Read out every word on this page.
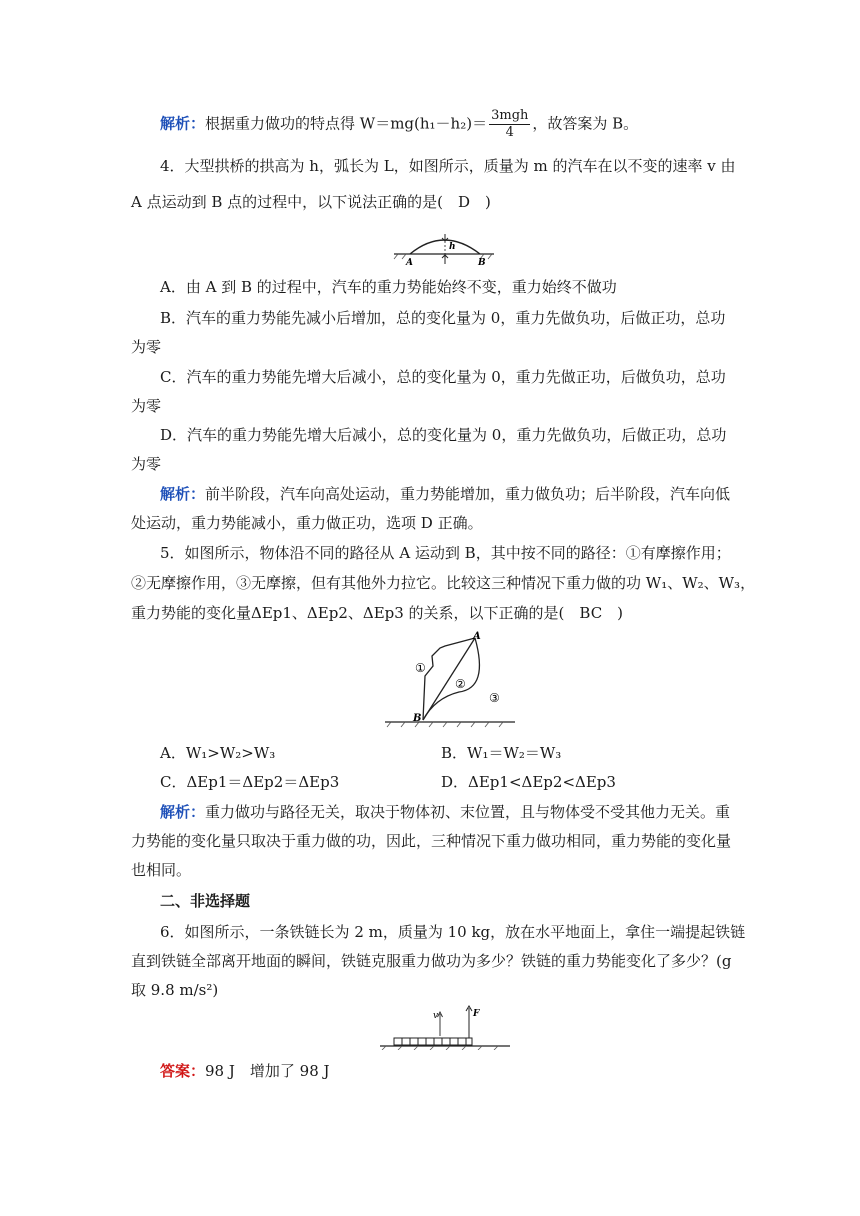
解析：根据重力做功的特点得 $W=mg(h_1-h_2)= \frac{\text{3mgh}}{4}$ ，故答案为 B。
4．大型拱桥的拱高为 h，弧长为 L，如图所示，质量为 m 的汽车在以不变的速率 v 由
A 点运动到 B 点的过程中，以下说法正确的是(　D　)
h
A	B
A．由 A 到 B 的过程中，汽车的重力势能始终不变，重力始终不做功
B．汽车的重力势能先减小后增加，总的变化量为 0，重力先做负功，后做正功，总功
为零
C．汽车的重力势能先增大后减小，总的变化量为 0，重力先做正功，后做负功，总功
为零
D．汽车的重力势能先增大后减小，总的变化量为 0，重力先做负功，后做正功，总功
为零
解析：前半阶段，汽车向高处运动，重力势能增加，重力做负功；后半阶段，汽车向低
处运动，重力势能减小，重力做正功，选项 D 正确。
5．如图所示，物体沿不同的路径从 A 运动到 B，其中按不同的路径：①有摩擦作用；
②无摩擦作用，③无摩擦，但有其他外力拉它。比较这三种情况下重力做的功 W₁、W₂、W₃，
重力势能的变化量ΔEp1、ΔEp2、ΔEp3 的关系，以下正确的是(　BC　)
A
B
①
②
③
A．W₁>W₂>W₃	B．W₁＝W₂＝W₃
C．ΔEp1＝ΔEp2＝ΔEp3	D．ΔEp1<ΔEp2<ΔEp3
解析：重力做功与路径无关，取决于物体初、末位置，且与物体受不受其他力无关。重
力势能的变化量只取决于重力做的功，因此，三种情况下重力做功相同，重力势能的变化量
也相同。
二、非选择题
6．如图所示，一条铁链长为 2 m，质量为 10 kg，放在水平地面上，拿住一端提起铁链
直到铁链全部离开地面的瞬间，铁链克服重力做功为多少？铁链的重力势能变化了多少？(g
取 9.8 m/s²)
v	F
答案：98 J　增加了 98 J
